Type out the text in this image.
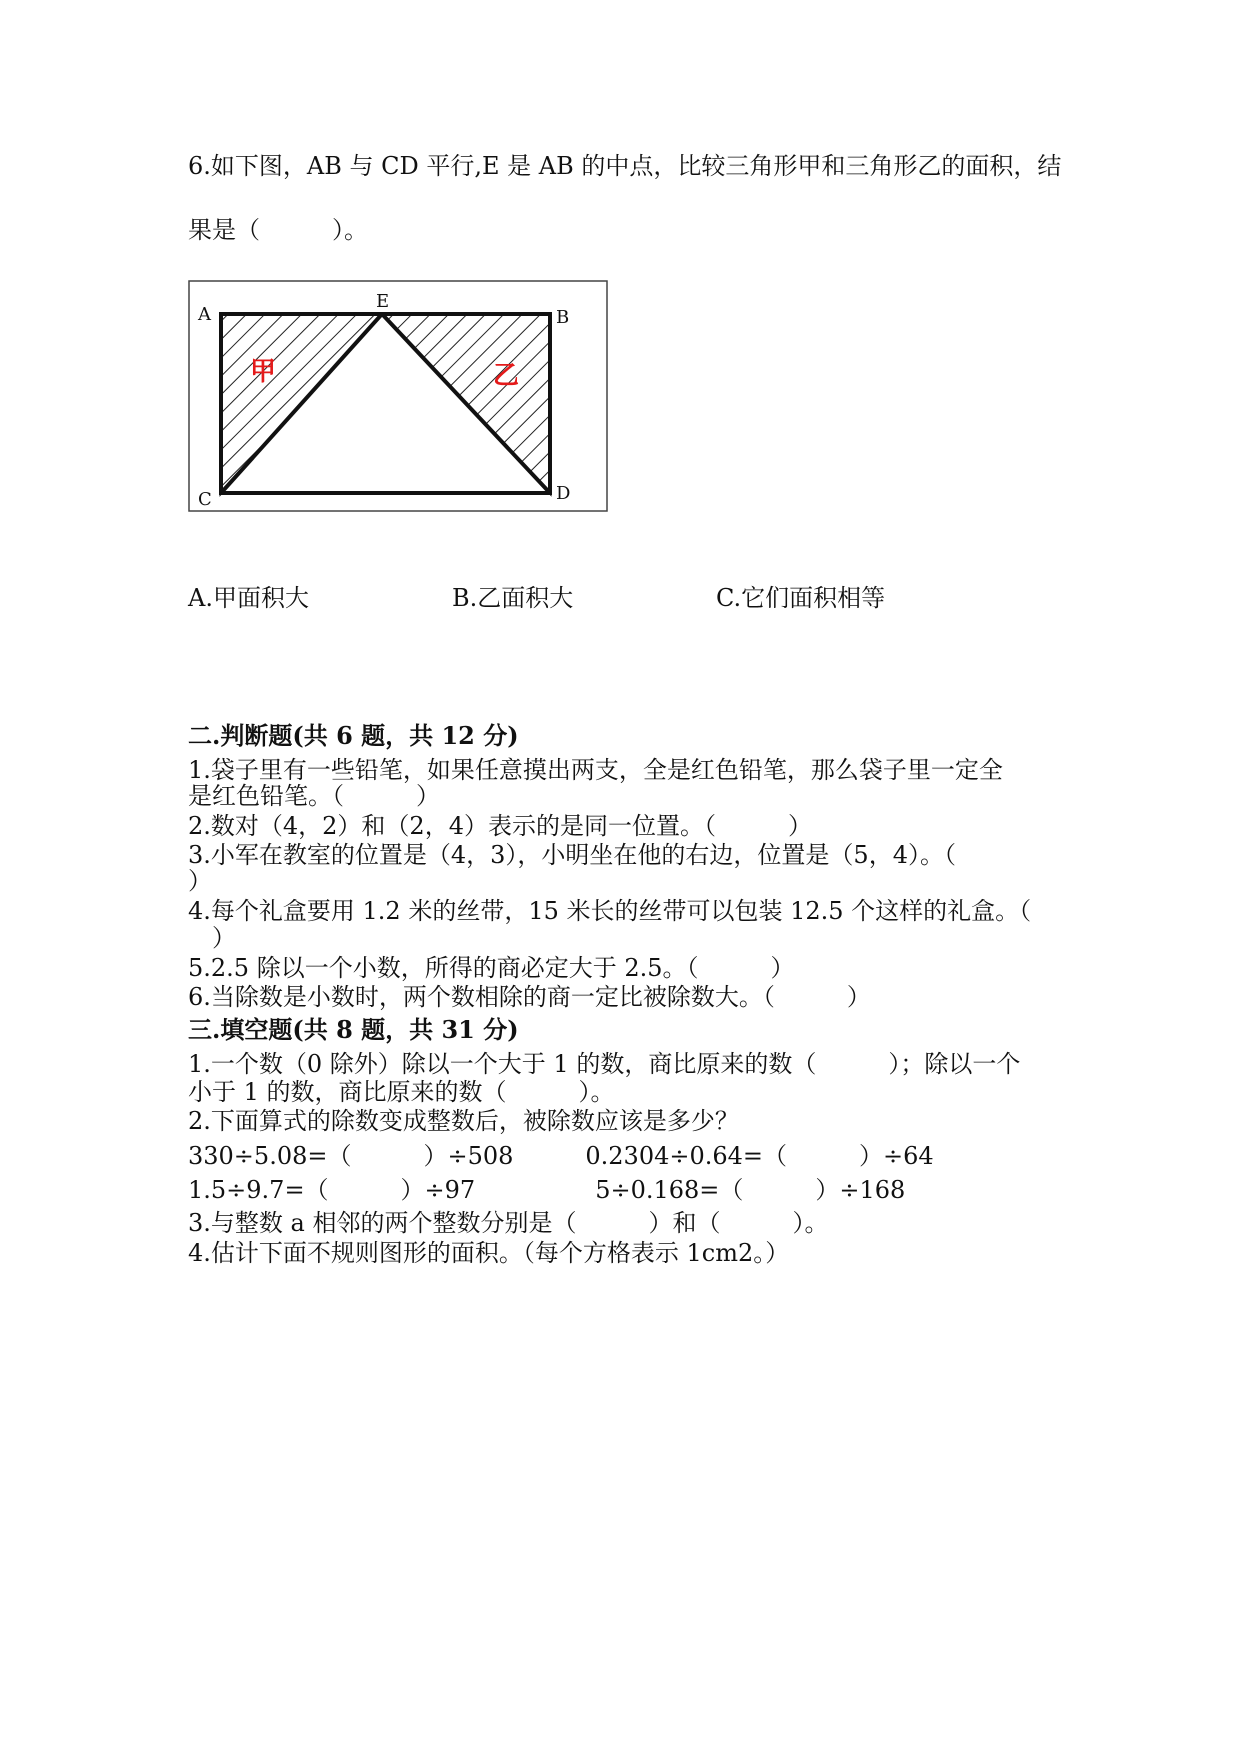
6.如下图，AB 与 CD 平行,E 是 AB 的中点，比较三角形甲和三角形乙的面积，结
果是（　　　）。
A
E
B
C	D
甲	乙
A.甲面积大	B.乙面积大	C.它们面积相等
二.判断题(共 6 题，共 12 分)
1.袋子里有一些铅笔，如果任意摸出两支，全是红色铅笔，那么袋子里一定全
是红色铅笔。（　　　）
2.数对（4，2）和（2，4）表示的是同一位置。（　　　）
3.小军在教室的位置是（4，3），小明坐在他的右边，位置是（5，4）。（
）
4.每个礼盒要用 1.2 米的丝带，15 米长的丝带可以包装 12.5 个这样的礼盒。（
　）
5.2.5 除以一个小数，所得的商必定大于 2.5。（　　　）
6.当除数是小数时，两个数相除的商一定比被除数大。（　　　）
三.填空题(共 8 题，共 31 分)
1.一个数（0 除外）除以一个大于 1 的数，商比原来的数（　　　）；除以一个
小于 1 的数，商比原来的数（　　　）。
2.下面算式的除数变成整数后，被除数应该是多少？
330÷5.08=（　　　）÷508　　　0.2304÷0.64=（　　　）÷64
1.5÷9.7=（　　　）÷97　　　　　5÷0.168=（　　　）÷168
3.与整数 a 相邻的两个整数分别是（　　　）和（　　　）。
4.估计下面不规则图形的面积。（每个方格表示 1cm2。）
